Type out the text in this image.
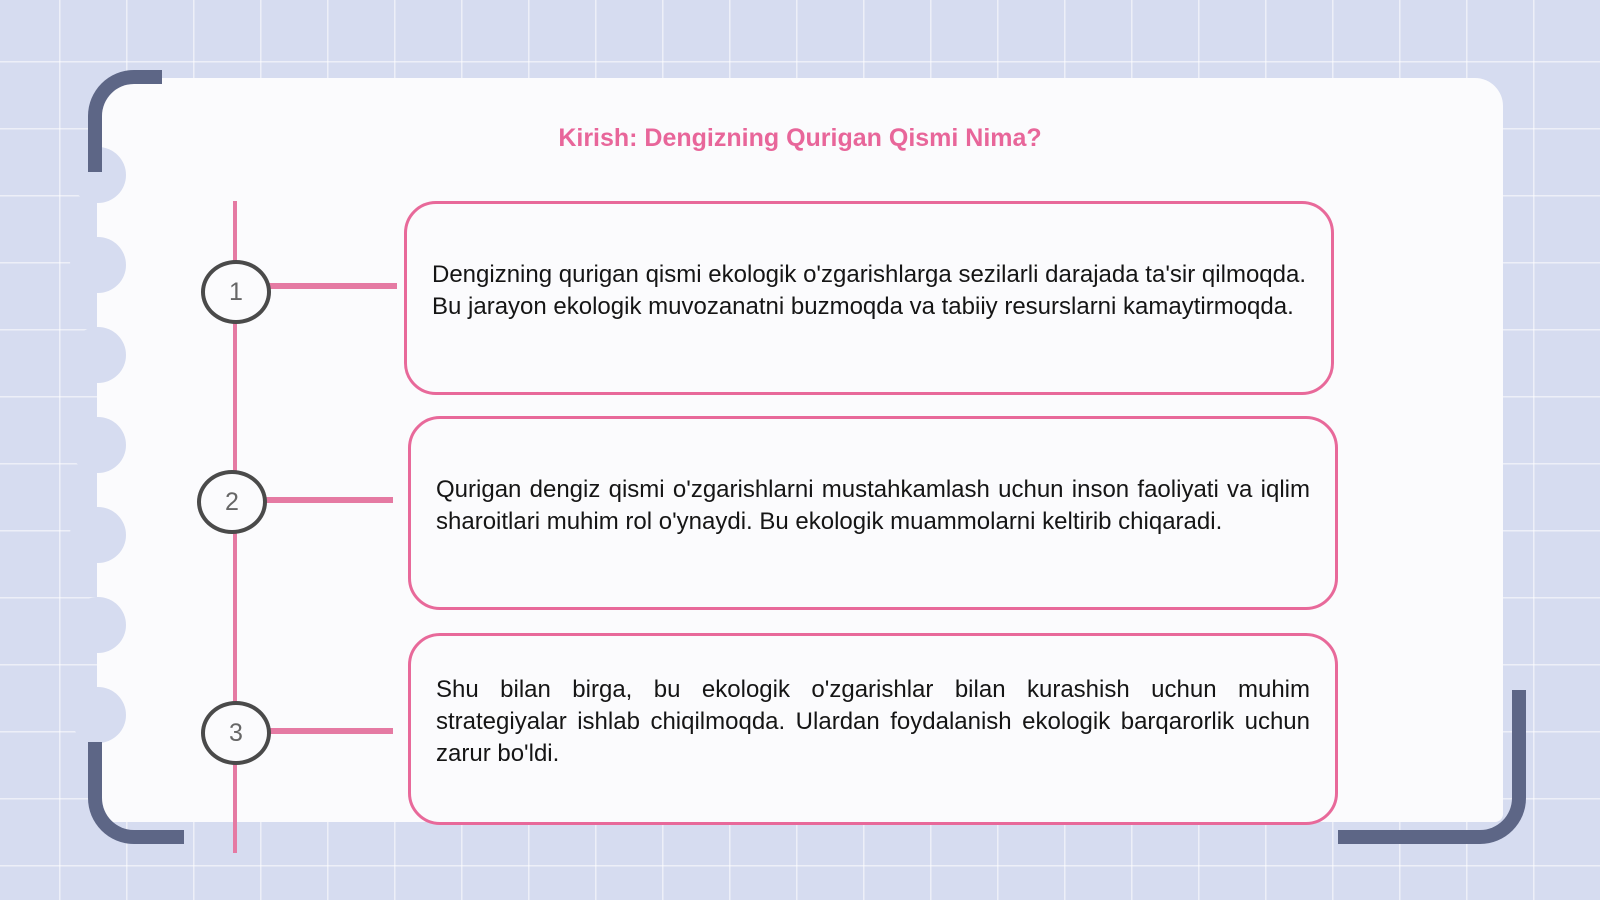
Kirish: Dengizning Qurigan Qismi Nima?
1
2
3
Dengizning qurigan qismi ekologik o'zgarishlarga sezilarli darajada ta'sir qilmoqda. Bu jarayon ekologik muvozanatni buzmoqda va tabiiy resurslarni kamaytirmoqda.
Qurigan dengiz qismi o'zgarishlarni mustahkamlash uchun inson faoliyati va iqlim sharoitlari muhim rol o'ynaydi. Bu ekologik muammolarni keltirib chiqaradi.
Shu bilan birga, bu ekologik o'zgarishlar bilan kurashish uchun muhim strategiyalar ishlab chiqilmoqda. Ulardan foydalanish ekologik barqarorlik uchun zarur bo'ldi.
